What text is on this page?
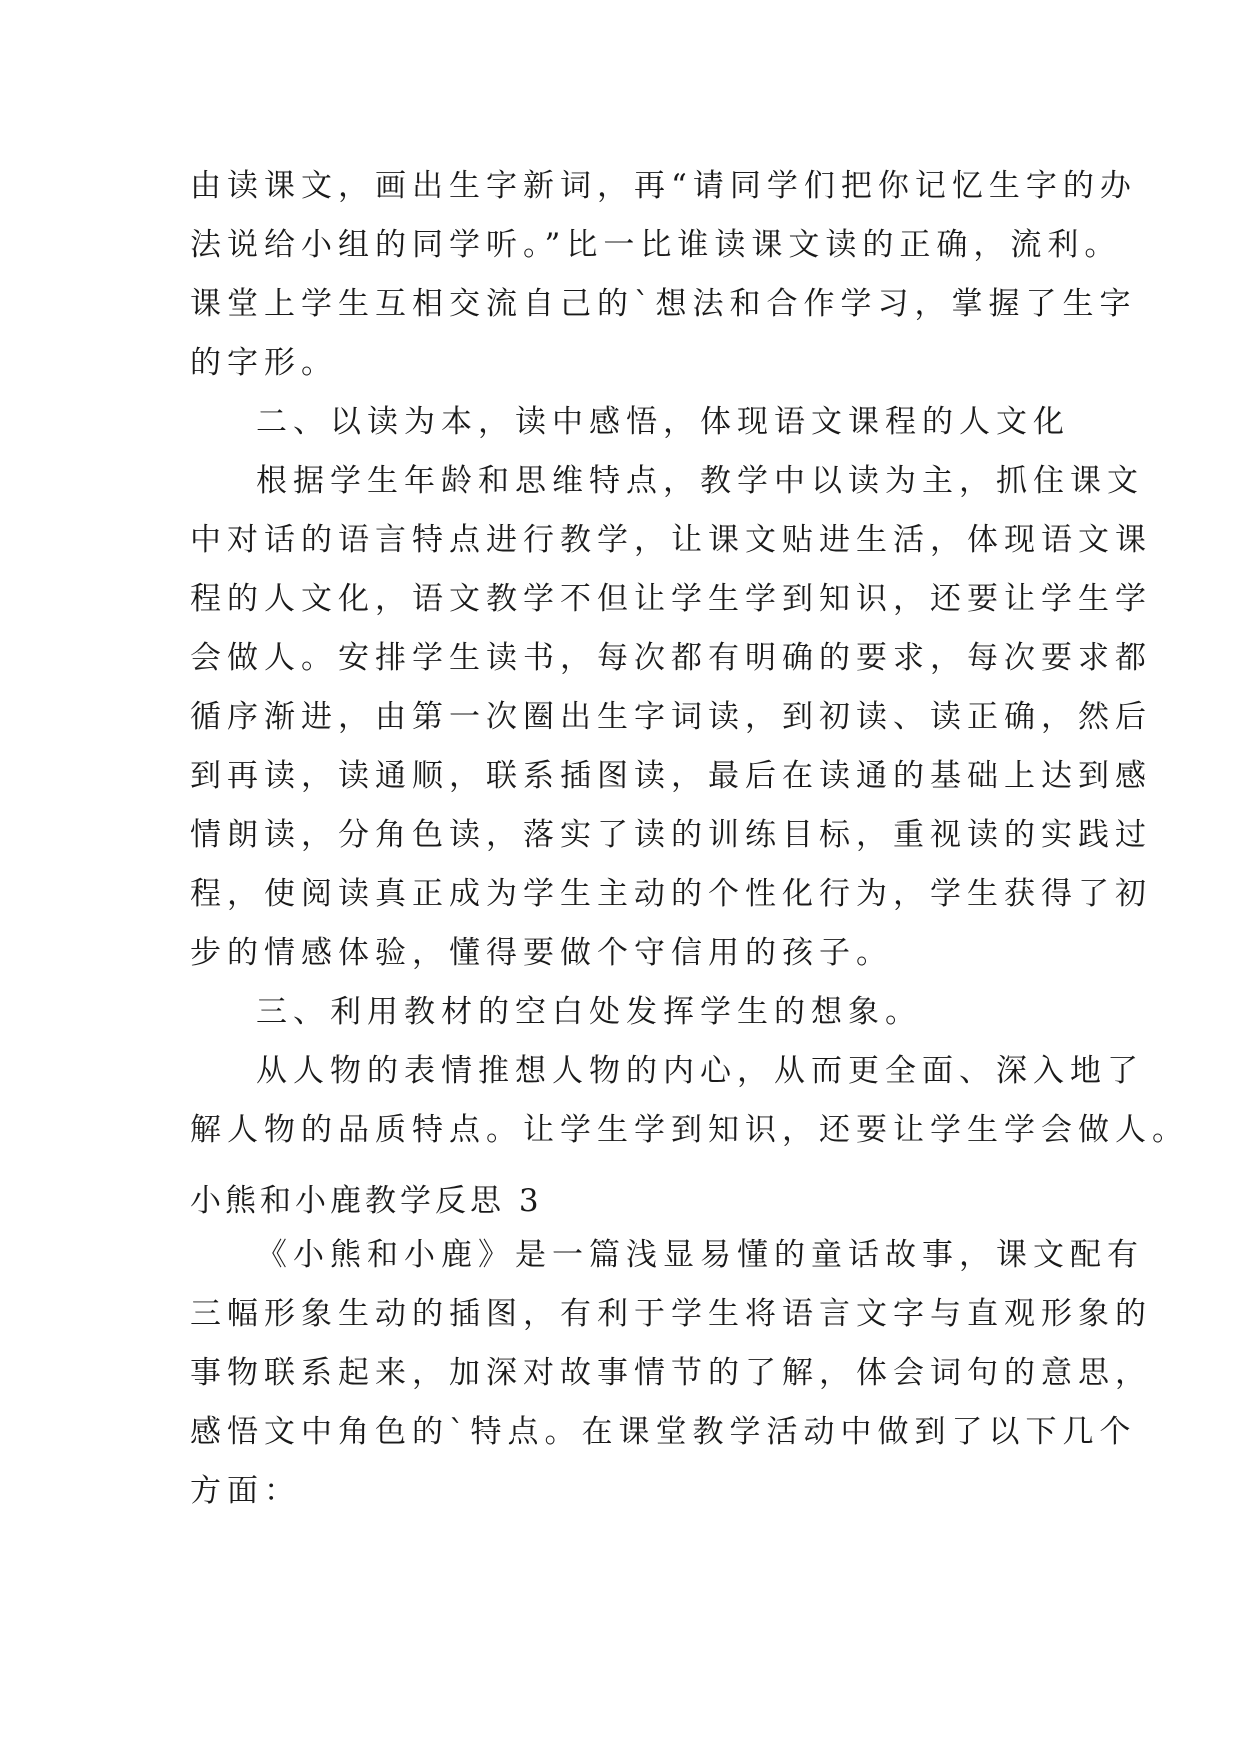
由读课文，画出生字新词，再“请同学们把你记忆生字的办
法说给小组的同学听。”比一比谁读课文读的正确，流利。
课堂上学生互相交流自己的`想法和合作学习，掌握了生字
的字形。
二、以读为本，读中感悟，体现语文课程的人文化
根据学生年龄和思维特点，教学中以读为主，抓住课文
中对话的语言特点进行教学，让课文贴进生活，体现语文课
程的人文化，语文教学不但让学生学到知识，还要让学生学
会做人。安排学生读书，每次都有明确的要求，每次要求都
循序渐进，由第一次圈出生字词读，到初读、读正确，然后
到再读，读通顺，联系插图读，最后在读通的基础上达到感
情朗读，分角色读，落实了读的训练目标，重视读的实践过
程，使阅读真正成为学生主动的个性化行为，学生获得了初
步的情感体验，懂得要做个守信用的孩子。
三、利用教材的空白处发挥学生的想象。
从人物的表情推想人物的内心，从而更全面、深入地了
解人物的品质特点。让学生学到知识，还要让学生学会做人。
小熊和小鹿教学反思 3
《小熊和小鹿》是一篇浅显易懂的童话故事，课文配有
三幅形象生动的插图，有利于学生将语言文字与直观形象的
事物联系起来，加深对故事情节的了解，体会词句的意思，
感悟文中角色的`特点。在课堂教学活动中做到了以下几个
方面：
